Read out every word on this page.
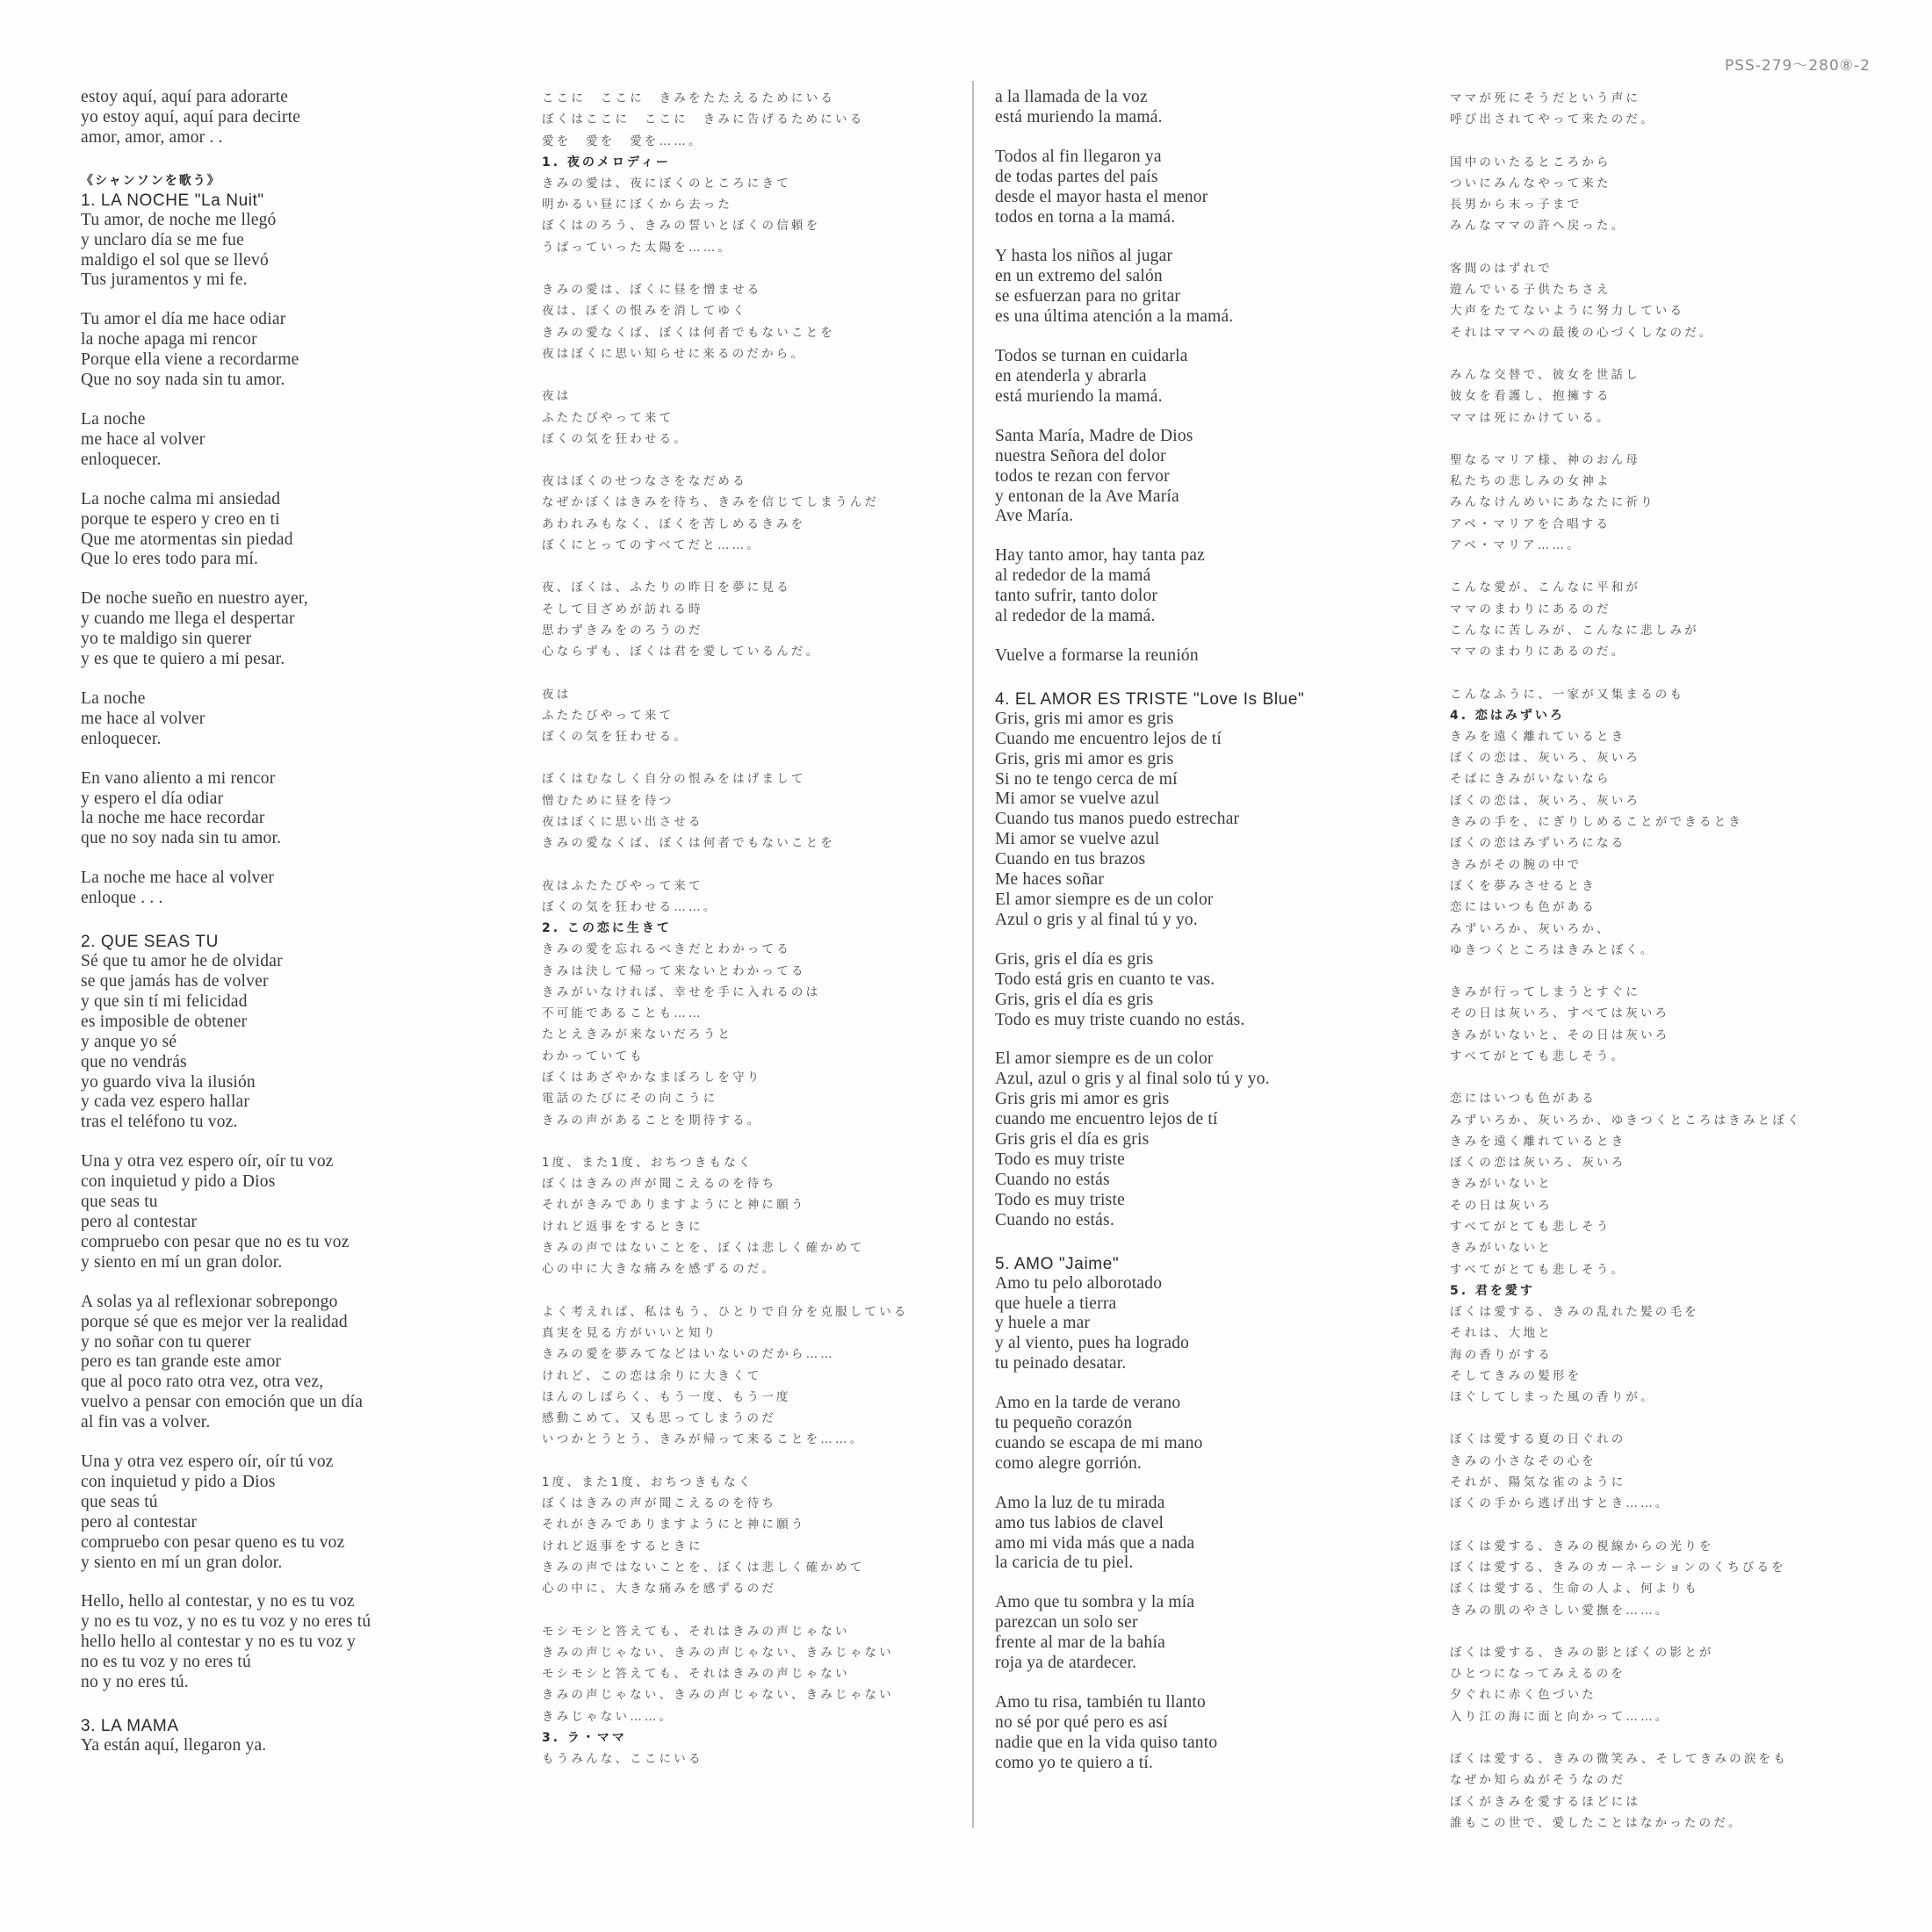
PSS-279～280⑧-2
estoy aquí, aquí para adorarte
yo estoy aquí, aquí para decirte
amor, amor, amor . .
《シャンソンを歌う》
1. LA NOCHE "La Nuit"
Tu amor, de noche me llegó
y unclaro día se me fue
maldigo el sol que se llevó
Tus juramentos y mi fe.
Tu amor el día me hace odiar
la noche apaga mi rencor
Porque ella viene a recordarme
Que no soy nada sin tu amor.
La noche
me hace al volver
enloquecer.
La noche calma mi ansiedad
porque te espero y creo en ti
Que me atormentas sin piedad
Que lo eres todo para mí.
De noche sueño en nuestro ayer,
y cuando me llega el despertar
yo te maldigo sin querer
y es que te quiero a mi pesar.
La noche
me hace al volver
enloquecer.
En vano aliento a mi rencor
y espero el día odiar
la noche me hace recordar
que no soy nada sin tu amor.
La noche me hace al volver
enloque . . .
2. QUE SEAS TU
Sé que tu amor he de olvidar
se que jamás has de volver
y que sin tí mi felicidad
es imposible de obtener
y anque yo sé
que no vendrás
yo guardo viva la ilusión
y cada vez espero hallar
tras el teléfono tu voz.
Una y otra vez espero oír, oír tu voz
con inquietud y pido a Dios
que seas tu
pero al contestar
compruebo con pesar que no es tu voz
y siento en mí un gran dolor.
A solas ya al reflexionar sobrepongo
porque sé que es mejor ver la realidad
y no soñar con tu querer
pero es tan grande este amor
que al poco rato otra vez, otra vez,
vuelvo a pensar con emoción que un día
al fin vas a volver.
Una y otra vez espero oír, oír tú voz
con inquietud y pido a Dios
que seas tú
pero al contestar
compruebo con pesar queno es tu voz
y siento en mí un gran dolor.
Hello, hello al contestar, y no es tu voz
y no es tu voz, y no es tu voz y no eres tú
hello hello al contestar y no es tu voz y
no es tu voz y no eres tú
no y no eres tú.
3. LA MAMA
Ya están aquí, llegaron ya.
ここに　ここに　きみをたたえるためにいる
ぼくはここに　ここに　きみに告げるためにいる
愛を　愛を　愛を……。
1. 夜のメロディー
きみの愛は、夜にぼくのところにきて
明かるい昼にぼくから去った
ぼくはのろう、きみの誓いとぼくの信頼を
うばっていった太陽を……。
きみの愛は、ぼくに昼を憎ませる
夜は、ぼくの恨みを消してゆく
きみの愛なくば、ぼくは何者でもないことを
夜はぼくに思い知らせに来るのだから。
夜は
ふたたびやって来て
ぼくの気を狂わせる。
夜はぼくのせつなさをなだめる
なぜかぼくはきみを待ち、きみを信じてしまうんだ
あわれみもなく、ぼくを苦しめるきみを
ぼくにとってのすべてだと……。
夜、ぼくは、ふたりの昨日を夢に見る
そして目ざめが訪れる時
思わずきみをのろうのだ
心ならずも、ぼくは君を愛しているんだ。
夜は
ふたたびやって来て
ぼくの気を狂わせる。
ぼくはむなしく自分の恨みをはげまして
憎むために昼を待つ
夜はぼくに思い出させる
きみの愛なくば、ぼくは何者でもないことを
夜はふたたびやって来て
ぼくの気を狂わせる……。
2. この恋に生きて
きみの愛を忘れるべきだとわかってる
きみは決して帰って来ないとわかってる
きみがいなければ、幸せを手に入れるのは
不可能であることも……
たとえきみが来ないだろうと
わかっていても
ぼくはあざやかなまぼろしを守り
電話のたびにその向こうに
きみの声があることを期待する。
1度、また1度、おちつきもなく
ぼくはきみの声が聞こえるのを待ち
それがきみでありますようにと神に願う
けれど返事をするときに
きみの声ではないことを、ぼくは悲しく確かめて
心の中に大きな痛みを感ずるのだ。
よく考えれば、私はもう、ひとりで自分を克服している
真実を見る方がいいと知り
きみの愛を夢みてなどはいないのだから……
けれど、この恋は余りに大きくて
ほんのしばらく、もう一度、もう一度
感動こめて、又も思ってしまうのだ
いつかとうとう、きみが帰って来ることを……。
1度、また1度、おちつきもなく
ぼくはきみの声が聞こえるのを待ち
それがきみでありますようにと神に願う
けれど返事をするときに
きみの声ではないことを、ぼくは悲しく確かめて
心の中に、大きな痛みを感ずるのだ
モシモシと答えても、それはきみの声じゃない
きみの声じゃない、きみの声じゃない、きみじゃない
モシモシと答えても、それはきみの声じゃない
きみの声じゃない、きみの声じゃない、きみじゃない
きみじゃない……。
3. ラ・ママ
もうみんな、ここにいる
a la llamada de la voz
está muriendo la mamá.
Todos al fin llegaron ya
de todas partes del país
desde el mayor hasta el menor
todos en torna a la mamá.
Y hasta los niños al jugar
en un extremo del salón
se esfuerzan para no gritar
es una última atención a la mamá.
Todos se turnan en cuidarla
en atenderla y abrarla
está muriendo la mamá.
Santa María, Madre de Dios
nuestra Señora del dolor
todos te rezan con fervor
y entonan de la Ave María
Ave María.
Hay tanto amor, hay tanta paz
al rededor de la mamá
tanto sufrir, tanto dolor
al rededor de la mamá.
Vuelve a formarse la reunión
4. EL AMOR ES TRISTE "Love Is Blue"
Gris, gris mi amor es gris
Cuando me encuentro lejos de tí
Gris, gris mi amor es gris
Si no te tengo cerca de mí
Mi amor se vuelve azul
Cuando tus manos puedo estrechar
Mi amor se vuelve azul
Cuando en tus brazos
Me haces soñar
El amor siempre es de un color
Azul o gris y al final tú y yo.
Gris, gris el día es gris
Todo está gris en cuanto te vas.
Gris, gris el día es gris
Todo es muy triste cuando no estás.
El amor siempre es de un color
Azul, azul o gris y al final solo tú y yo.
Gris gris mi amor es gris
cuando me encuentro lejos de tí
Gris gris el día es gris
Todo es muy triste
Cuando no estás
Todo es muy triste
Cuando no estás.
5. AMO "Jaime"
Amo tu pelo alborotado
que huele a tierra
y huele a mar
y al viento, pues ha logrado
tu peinado desatar.
Amo en la tarde de verano
tu pequeño corazón
cuando se escapa de mi mano
como alegre gorrión.
Amo la luz de tu mirada
amo tus labios de clavel
amo mi vida más que a nada
la caricia de tu piel.
Amo que tu sombra y la mía
parezcan un solo ser
frente al mar de la bahía
roja ya de atardecer.
Amo tu risa, también tu llanto
no sé por qué pero es así
nadie que en la vida quiso tanto
como yo te quiero a tí.
ママが死にそうだという声に
呼び出されてやって来たのだ。
国中のいたるところから
ついにみんなやって来た
長男から末っ子まで
みんなママの許へ戻った。
客間のはずれで
遊んでいる子供たちさえ
大声をたてないように努力している
それはママへの最後の心づくしなのだ。
みんな交替で、彼女を世話し
彼女を看護し、抱擁する
ママは死にかけている。
聖なるマリア様、神のおん母
私たちの悲しみの女神よ
みんなけんめいにあなたに祈り
アベ・マリアを合唱する
アベ・マリア……。
こんな愛が、こんなに平和が
ママのまわりにあるのだ
こんなに苦しみが、こんなに悲しみが
ママのまわりにあるのだ。
こんなふうに、一家が又集まるのも
4. 恋はみずいろ
きみを遠く離れているとき
ぼくの恋は、灰いろ、灰いろ
そばにきみがいないなら
ぼくの恋は、灰いろ、灰いろ
きみの手を、にぎりしめることができるとき
ぼくの恋はみずいろになる
きみがその腕の中で
ぼくを夢みさせるとき
恋にはいつも色がある
みずいろか、灰いろか、
ゆきつくところはきみとぼく。
きみが行ってしまうとすぐに
その日は灰いろ、すべては灰いろ
きみがいないと、その日は灰いろ
すべてがとても悲しそう。
恋にはいつも色がある
みずいろか、灰いろか、ゆきつくところはきみとぼく
きみを遠く離れているとき
ぼくの恋は灰いろ、灰いろ
きみがいないと
その日は灰いろ
すべてがとても悲しそう
きみがいないと
すべてがとても悲しそう。
5. 君を愛す
ぼくは愛する、きみの乱れた髪の毛を
それは、大地と
海の香りがする
そしてきみの髪形を
ほぐしてしまった風の香りが。
ぼくは愛する夏の日ぐれの
きみの小さなその心を
それが、陽気な雀のように
ぼくの手から逃げ出すとき……。
ぼくは愛する、きみの視線からの光りを
ぼくは愛する、きみのカーネーションのくちびるを
ぼくは愛する、生命の人よ、何よりも
きみの肌のやさしい愛撫を……。
ぼくは愛する、きみの影とぼくの影とが
ひとつになってみえるのを
夕ぐれに赤く色づいた
入り江の海に面と向かって……。
ぼくは愛する、きみの微笑み、そしてきみの涙をも
なぜか知らぬがそうなのだ
ぼくがきみを愛するほどには
誰もこの世で、愛したことはなかったのだ。
